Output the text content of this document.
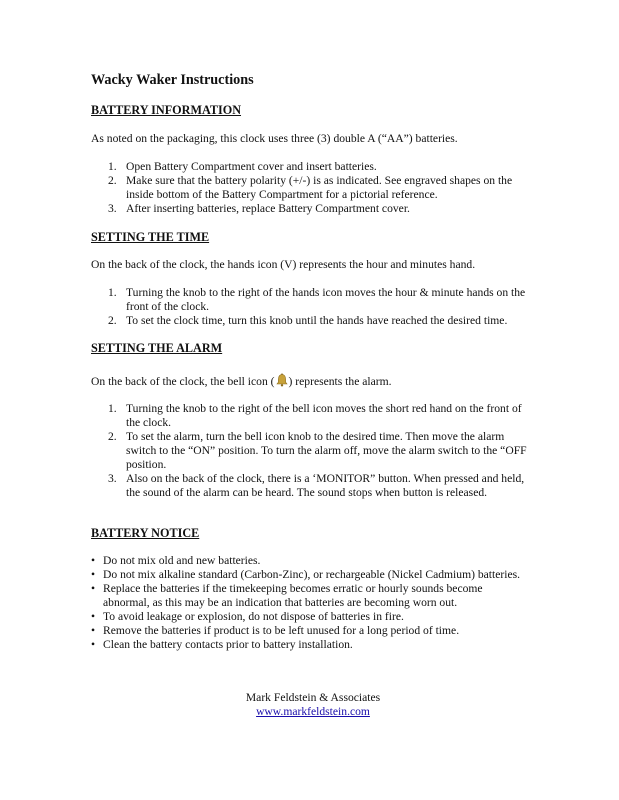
Wacky Waker Instructions
BATTERY INFORMATION
As noted on the packaging, this clock uses three (3) double A (“AA”) batteries.
1. Open Battery Compartment cover and insert batteries.
2. Make sure that the battery polarity (+/-) is as indicated. See engraved shapes on the inside bottom of the Battery Compartment for a pictorial reference.
3. After inserting batteries, replace Battery Compartment cover.
SETTING THE TIME
On the back of the clock, the hands icon (V) represents the hour and minutes hand.
1. Turning the knob to the right of the hands icon moves the hour & minute hands on the front of the clock.
2. To set the clock time, turn this knob until the hands have reached the desired time.
SETTING THE ALARM
On the back of the clock, the bell icon ( ) represents the alarm.
1. Turning the knob to the right of the bell icon moves the short red hand on the front of the clock.
2. To set the alarm, turn the bell icon knob to the desired time. Then move the alarm switch to the “ON” position. To turn the alarm off, move the alarm switch to the “OFF position.
3. Also on the back of the clock, there is a ‘MONITOR” button. When pressed and held, the sound of the alarm can be heard. The sound stops when button is released.
BATTERY NOTICE
• Do not mix old and new batteries.
• Do not mix alkaline standard (Carbon-Zinc), or rechargeable (Nickel Cadmium) batteries.
• Replace the batteries if the timekeeping becomes erratic or hourly sounds become abnormal, as this may be an indication that batteries are becoming worn out.
• To avoid leakage or explosion, do not dispose of batteries in fire.
• Remove the batteries if product is to be left unused for a long period of time.
• Clean the battery contacts prior to battery installation.
Mark Feldstein & Associates
www.markfeldstein.com
